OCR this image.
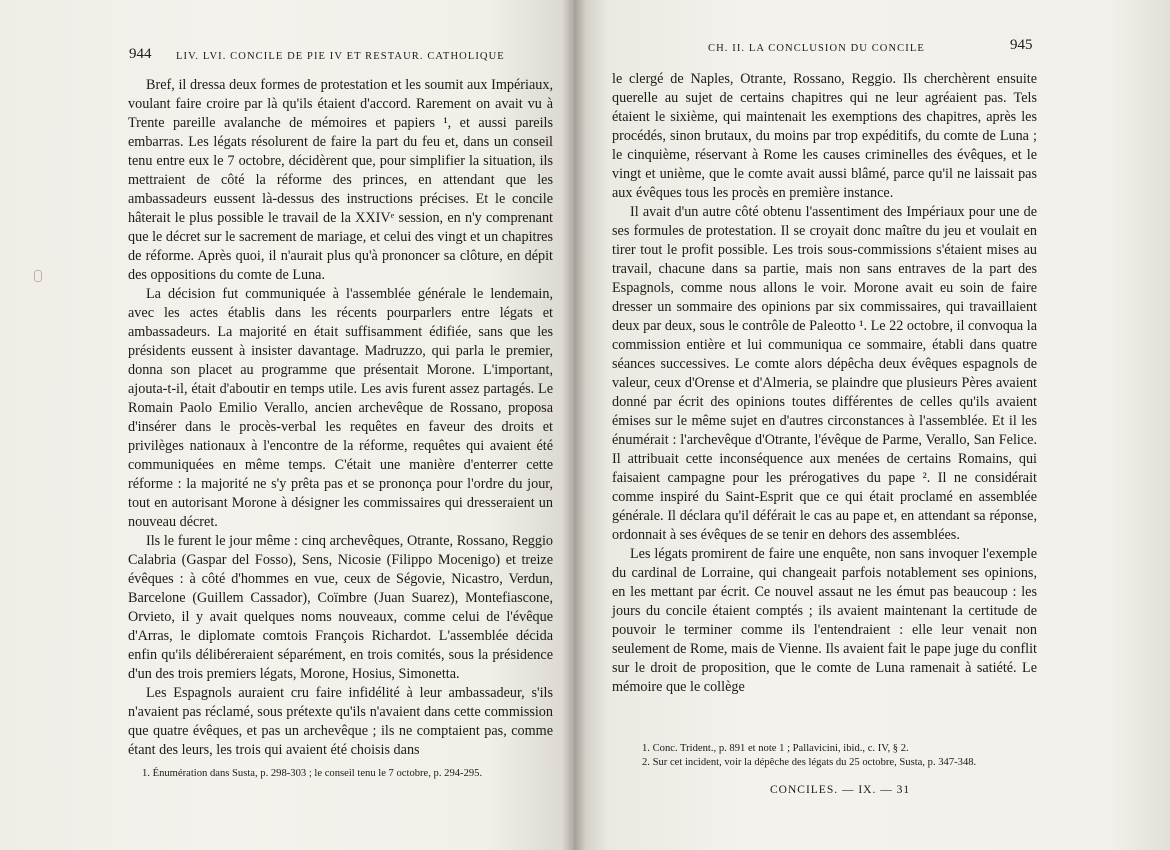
944 LIV. LVI. CONCILE DE PIE IV ET RESTAUR. CATHOLIQUE

Bref, il dressa deux formes de protestation et les soumit aux Impériaux, voulant faire croire par là qu'ils étaient d'accord. Rarement on avait vu à Trente pareille avalanche de mémoires et papiers ¹, et aussi pareils embarras. Les légats résolurent de faire la part du feu et, dans un conseil tenu entre eux le 7 octobre, décidèrent que, pour simplifier la situation, ils mettraient de côté la réforme des princes, en attendant que les ambassadeurs eussent là-dessus des instructions précises. Et le concile hâterait le plus possible le travail de la XXIVᵉ session, en n'y comprenant que le décret sur le sacrement de mariage, et celui des vingt et un chapitres de réforme. Après quoi, il n'aurait plus qu'à prononcer sa clôture, en dépit des oppositions du comte de Luna.

La décision fut communiquée à l'assemblée générale le lendemain, avec les actes établis dans les récents pourparlers entre légats et ambassadeurs. La majorité en était suffisamment édifiée, sans que les présidents eussent à insister davantage. Madruzzo, qui parla le premier, donna son placet au programme que présentait Morone. L'important, ajouta-t-il, était d'aboutir en temps utile. Les avis furent assez partagés. Le Romain Paolo Emilio Verallo, ancien archevêque de Rossano, proposa d'insérer dans le procès-verbal les requêtes en faveur des droits et privilèges nationaux à l'encontre de la réforme, requêtes qui avaient été communiquées en même temps. C'était une manière d'enterrer cette réforme : la majorité ne s'y prêta pas et se prononça pour l'ordre du jour, tout en autorisant Morone à désigner les commissaires qui dresseraient un nouveau décret.

Ils le furent le jour même : cinq archevêques, Otrante, Rossano, Reggio Calabria (Gaspar del Fosso), Sens, Nicosie (Filippo Mocenigo) et treize évêques : à côté d'hommes en vue, ceux de Ségovie, Nicastro, Verdun, Barcelone (Guillem Cassador), Coïmbre (Juan Suarez), Montefiascone, Orvieto, il y avait quelques noms nouveaux, comme celui de l'évêque d'Arras, le diplomate comtois François Richardot. L'assemblée décida enfin qu'ils délibéreraient séparément, en trois comités, sous la présidence d'un des trois premiers légats, Morone, Hosius, Simonetta.

Les Espagnols auraient cru faire infidélité à leur ambassadeur, s'ils n'avaient pas réclamé, sous prétexte qu'ils n'avaient dans cette commission que quatre évêques, et pas un archevêque ; ils ne comptaient pas, comme étant des leurs, les trois qui avaient été choisis dans

1. Énumération dans Susta, p. 298-303 ; le conseil tenu le 7 octobre, p. 294-295.

CH. II. LA CONCLUSION DU CONCILE	945

le clergé de Naples, Otrante, Rossano, Reggio. Ils cherchèrent ensuite querelle au sujet de certains chapitres qui ne leur agréaient pas. Tels étaient le sixième, qui maintenait les exemptions des chapitres, après les procédés, sinon brutaux, du moins par trop expéditifs, du comte de Luna ; le cinquième, réservant à Rome les causes criminelles des évêques, et le vingt et unième, que le comte avait aussi blâmé, parce qu'il ne laissait pas aux évêques tous les procès en première instance.

Il avait d'un autre côté obtenu l'assentiment des Impériaux pour une de ses formules de protestation. Il se croyait donc maître du jeu et voulait en tirer tout le profit possible. Les trois sous-commissions s'étaient mises au travail, chacune dans sa partie, mais non sans entraves de la part des Espagnols, comme nous allons le voir. Morone avait eu soin de faire dresser un sommaire des opinions par six commissaires, qui travaillaient deux par deux, sous le contrôle de Paleotto ¹. Le 22 octobre, il convoqua la commission entière et lui communiqua ce sommaire, établi dans quatre séances successives. Le comte alors dépêcha deux évêques espagnols de valeur, ceux d'Orense et d'Almeria, se plaindre que plusieurs Pères avaient donné par écrit des opinions toutes différentes de celles qu'ils avaient émises sur le même sujet en d'autres circonstances à l'assemblée. Et il les énumérait : l'archevêque d'Otrante, l'évêque de Parme, Verallo, San Felice. Il attribuait cette inconséquence aux menées de certains Romains, qui faisaient campagne pour les prérogatives du pape ². Il ne considérait comme inspiré du Saint-Esprit que ce qui était proclamé en assemblée générale. Il déclara qu'il déférait le cas au pape et, en attendant sa réponse, ordonnait à ses évêques de se tenir en dehors des assemblées.

Les légats promirent de faire une enquête, non sans invoquer l'exemple du cardinal de Lorraine, qui changeait parfois notablement ses opinions, en les mettant par écrit. Ce nouvel assaut ne les émut pas beaucoup : les jours du concile étaient comptés ; ils avaient maintenant la certitude de pouvoir le terminer comme ils l'entendraient : elle leur venait non seulement de Rome, mais de Vienne. Ils avaient fait le pape juge du conflit sur le droit de proposition, que le comte de Luna ramenait à satiété. Le mémoire que le collège

1. Conc. Trident., p. 891 et note 1 ; Pallavicini, ibid., c. IV, § 2.

2. Sur cet incident, voir la dépêche des légats du 25 octobre, Susta, p. 347-348.

CONCILES. — IX. — 31
